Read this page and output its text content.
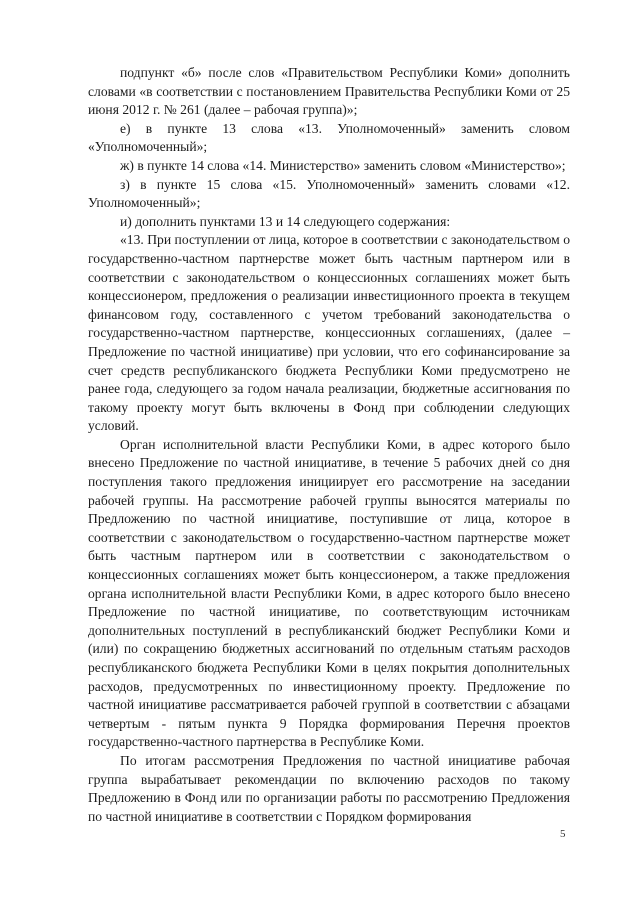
подпункт «б» после слов «Правительством Республики Коми» дополнить словами «в соответствии с постановлением Правительства Республики Коми от 25 июня 2012 г. № 261 (далее – рабочая группа)»;

е) в пункте 13 слова «13. Уполномоченный» заменить словом «Уполномоченный»;

ж) в пункте 14 слова «14. Министерство» заменить словом «Министерство»;

з) в пункте 15 слова «15. Уполномоченный» заменить словами «12. Уполномоченный»;

и) дополнить пунктами 13 и 14 следующего содержания:

«13. При поступлении от лица, которое в соответствии с законодательством о государственно-частном партнерстве может быть частным партнером или в соответствии с законодательством о концессионных соглашениях может быть концессионером, предложения о реализации инвестиционного проекта в текущем финансовом году, составленного с учетом требований законодательства о государственно-частном партнерстве, концессионных соглашениях, (далее – Предложение по частной инициативе) при условии, что его софинансирование за счет средств республиканского бюджета Республики Коми предусмотрено не ранее года, следующего за годом начала реализации, бюджетные ассигнования по такому проекту могут быть включены в Фонд при соблюдении следующих условий.

Орган исполнительной власти Республики Коми, в адрес которого было внесено Предложение по частной инициативе, в течение 5 рабочих дней со дня поступления такого предложения инициирует его рассмотрение на заседании рабочей группы. На рассмотрение рабочей группы выносятся материалы по Предложению по частной инициативе, поступившие от лица, которое в соответствии с законодательством о государственно-частном партнерстве может быть частным партнером или в соответствии с законодательством о концессионных соглашениях может быть концессионером, а также предложения органа исполнительной власти Республики Коми, в адрес которого было внесено Предложение по частной инициативе, по соответствующим источникам дополнительных поступлений в республиканский бюджет Республики Коми и (или) по сокращению бюджетных ассигнований по отдельным статьям расходов республиканского бюджета Республики Коми в целях покрытия дополнительных расходов, предусмотренных по инвестиционному проекту. Предложение по частной инициативе рассматривается рабочей группой в соответствии с абзацами четвертым - пятым пункта 9 Порядка формирования Перечня проектов государственно-частного партнерства в Республике Коми.

По итогам рассмотрения Предложения по частной инициативе рабочая группа вырабатывает рекомендации по включению расходов по такому Предложению в Фонд или по организации работы по рассмотрению Предложения по частной инициативе в соответствии с Порядком формирования

5
